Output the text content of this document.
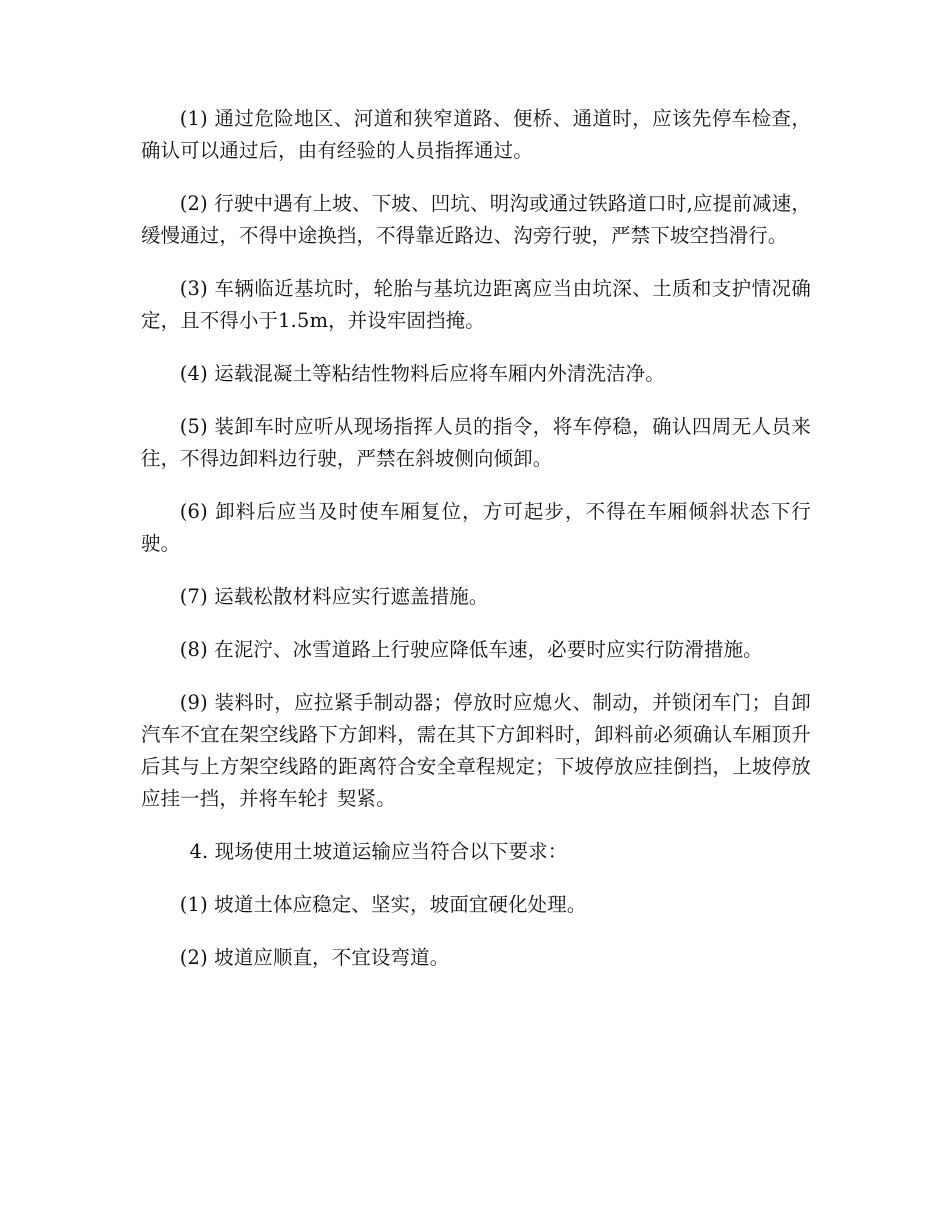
(1) 通过危险地区、河道和狭窄道路、便桥、通道时，应该先停车检查，确认可以通过后，由有经验的人员指挥通过。

(2) 行驶中遇有上坡、下坡、凹坑、明沟或通过铁路道口时,应提前减速，缓慢通过，不得中途换挡，不得靠近路边、沟旁行驶，严禁下坡空挡滑行。

(3) 车辆临近基坑时，轮胎与基坑边距离应当由坑深、土质和支护情况确定，且不得小于1.5m，并设牢固挡掩。

(4) 运载混凝土等粘结性物料后应将车厢内外清洗洁净。

(5) 装卸车时应听从现场指挥人员的指令，将车停稳，确认四周无人员来往，不得边卸料边行驶，严禁在斜坡侧向倾卸。

(6) 卸料后应当及时使车厢复位，方可起步，不得在车厢倾斜状态下行驶。

(7) 运载松散材料应实行遮盖措施。

(8) 在泥泞、冰雪道路上行驶应降低车速，必要时应实行防滑措施。

(9) 装料时，应拉紧手制动器；停放时应熄火、制动，并锁闭车门；自卸汽车不宜在架空线路下方卸料，需在其下方卸料时，卸料前必须确认车厢顶升后其与上方架空线路的距离符合安全章程规定；下坡停放应挂倒挡，上坡停放应挂一挡，并将车轮扌契紧。

4. 现场使用土坡道运输应当符合以下要求：

(1) 坡道土体应稳定、坚实，坡面宜硬化处理。

(2) 坡道应顺直，不宜设弯道。
